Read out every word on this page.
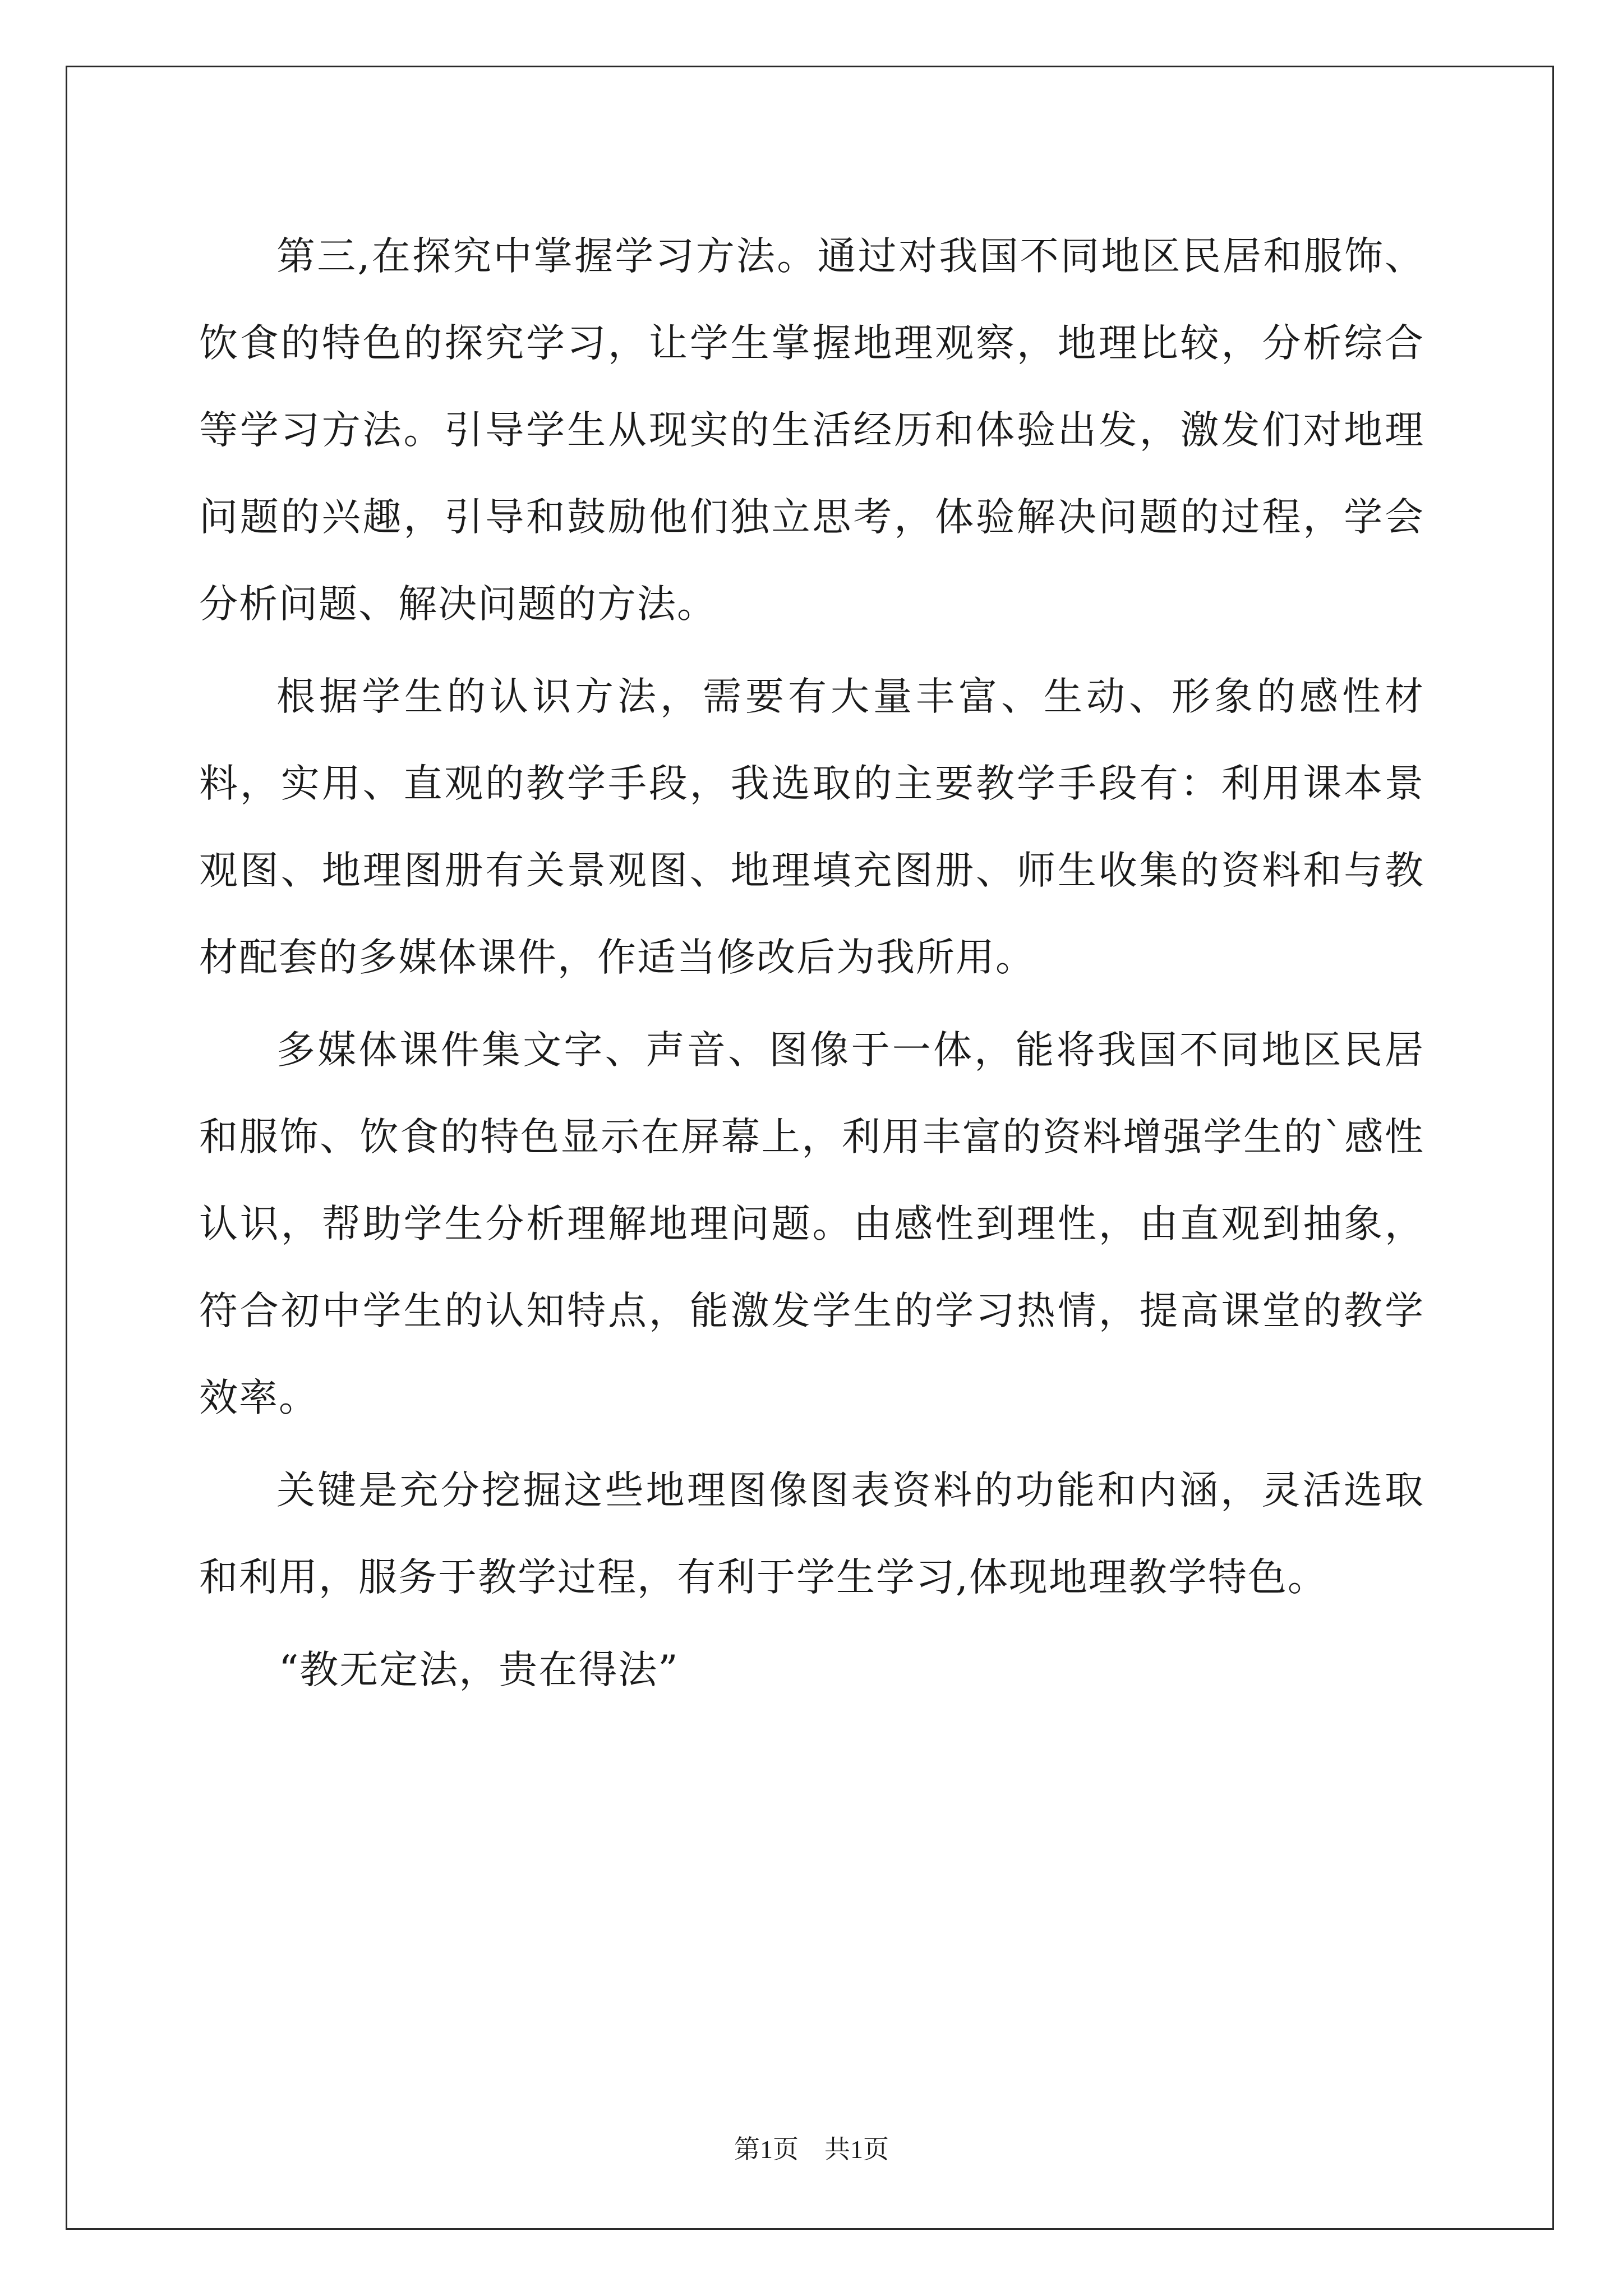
第三,在探究中掌握学习方法。通过对我国不同地区民居和服饰、饮食的特色的探究学习，让学生掌握地理观察，地理比较，分析综合等学习方法。引导学生从现实的生活经历和体验出发，激发们对地理问题的兴趣，引导和鼓励他们独立思考，体验解决问题的过程，学会分析问题、解决问题的方法。

根据学生的认识方法，需要有大量丰富、生动、形象的感性材料，实用、直观的教学手段，我选取的主要教学手段有：利用课本景观图、地理图册有关景观图、地理填充图册、师生收集的资料和与教材配套的多媒体课件，作适当修改后为我所用。

多媒体课件集文字、声音、图像于一体，能将我国不同地区民居和服饰、饮食的特色显示在屏幕上，利用丰富的资料增强学生的`感性认识，帮助学生分析理解地理问题。由感性到理性，由直观到抽象，符合初中学生的认知特点，能激发学生的学习热情，提高课堂的教学效率。

关键是充分挖掘这些地理图像图表资料的功能和内涵，灵活选取和利用，服务于教学过程，有利于学生学习,体现地理教学特色。

“教无定法，贵在得法”

第1页　共1页
